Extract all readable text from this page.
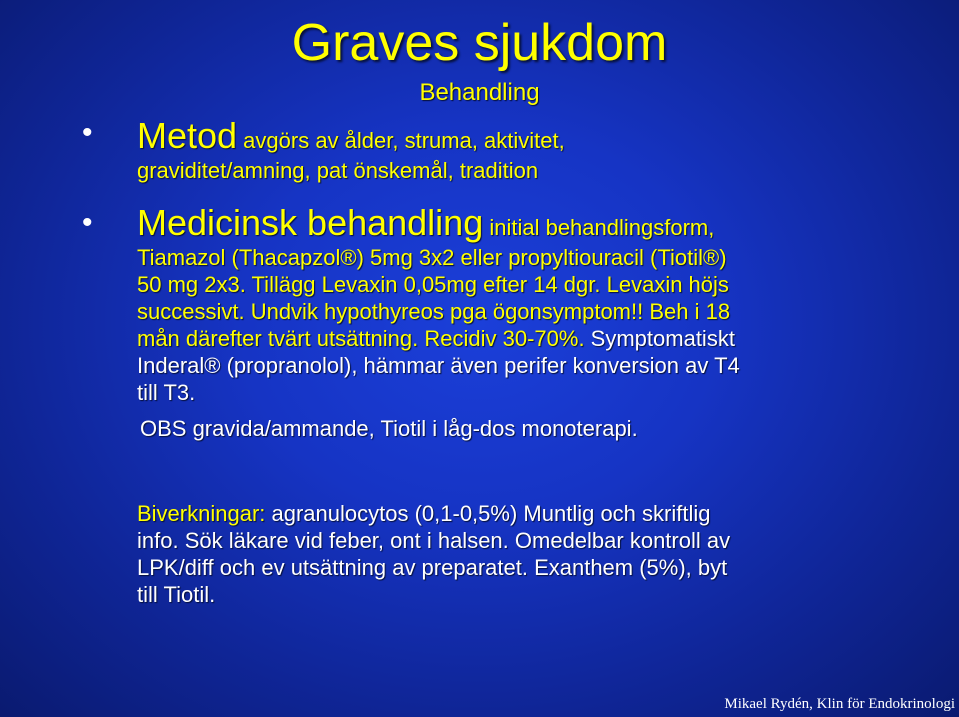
Graves sjukdom
Behandling
• Metod avgörs av ålder, struma, aktivitet,
graviditet/amning, pat önskemål, tradition
• Medicinsk behandling initial behandlingsform,
Tiamazol (Thacapzol®) 5mg 3x2 eller propyltiouracil (Tiotil®)
50 mg 2x3. Tillägg Levaxin 0,05mg efter 14 dgr. Levaxin höjs
successivt. Undvik hypothyreos pga ögonsymptom!! Beh i 18
mån därefter tvärt utsättning. Recidiv 30-70%. Symptomatiskt
Inderal® (propranolol), hämmar även perifer konversion av T4
till T3.
OBS gravida/ammande, Tiotil i låg-dos monoterapi.
Biverkningar: agranulocytos (0,1-0,5%) Muntlig och skriftlig
info. Sök läkare vid feber, ont i halsen. Omedelbar kontroll av
LPK/diff och ev utsättning av preparatet. Exanthem (5%), byt
till Tiotil.
Mikael Rydén, Klin för Endokrinologi
